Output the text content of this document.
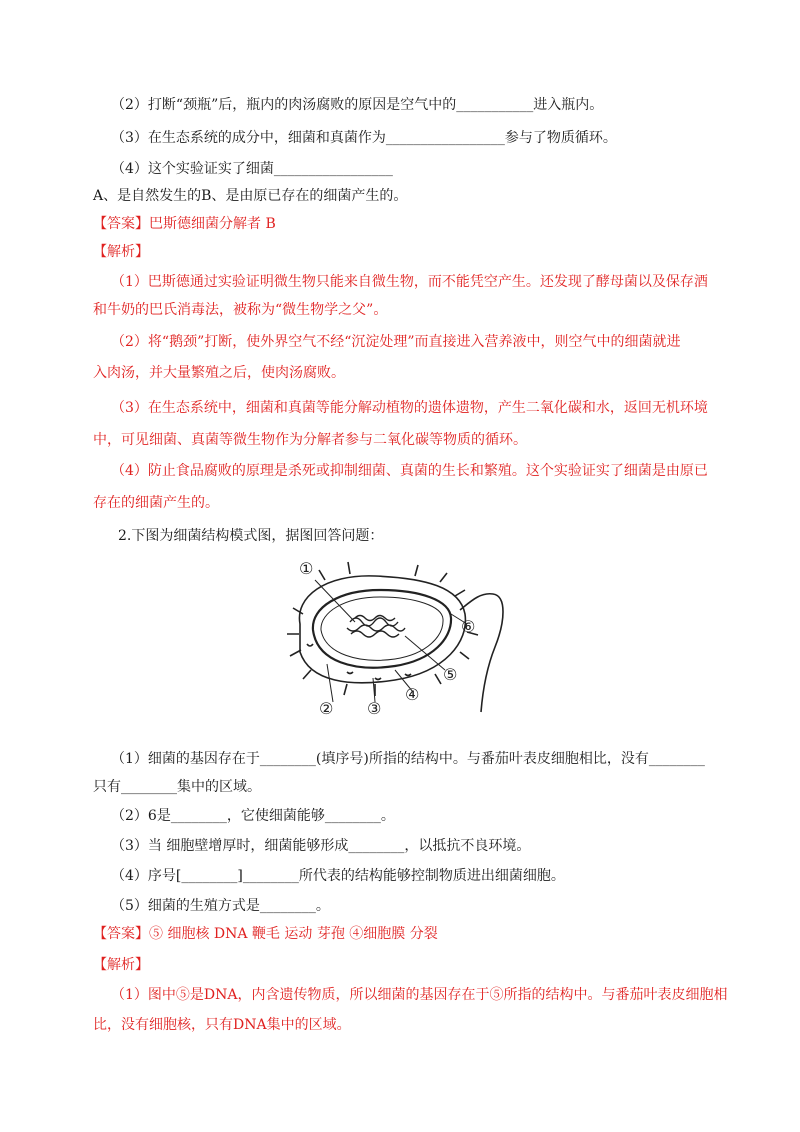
（2）打断“颈瓶”后，瓶内的肉汤腐败的原因是空气中的___________进入瓶内。
（3）在生态系统的成分中，细菌和真菌作为_________________参与了物质循环。
（4）这个实验证实了细菌_________________
A、是自然发生的B、是由原已存在的细菌产生的。
【答案】巴斯德细菌分解者 B
【解析】
（1）巴斯德通过实验证明微生物只能来自微生物，而不能凭空产生。还发现了酵母菌以及保存酒
和牛奶的巴氏消毒法，被称为“微生物学之父”。
（2）将“鹅颈”打断，使外界空气不经“沉淀处理”而直接进入营养液中，则空气中的细菌就进
入肉汤，并大量繁殖之后，使肉汤腐败。
（3）在生态系统中，细菌和真菌等能分解动植物的遗体遗物，产生二氧化碳和水，返回无机环境
中，可见细菌、真菌等微生物作为分解者参与二氧化碳等物质的循环。
（4）防止食品腐败的原理是杀死或抑制细菌、真菌的生长和繁殖。这个实验证实了细菌是由原已
存在的细菌产生的。
2.下图为细菌结构模式图，据图回答问题：
①
② ③
④
⑤
⑥
（1）细菌的基因存在于________(填序号)所指的结构中。与番茄叶表皮细胞相比，没有________
只有________集中的区域。
（2）6是________，它使细菌能够________。
（3）当 细胞壁增厚时，细菌能够形成________，以抵抗不良环境。
（4）序号[________]________所代表的结构能够控制物质进出细菌细胞。
（5）细菌的生殖方式是________。
【答案】⑤ 细胞核 DNA 鞭毛 运动 芽孢 ④细胞膜 分裂
【解析】
（1）图中⑤是DNA，内含遗传物质，所以细菌的基因存在于⑤所指的结构中。与番茄叶表皮细胞相
比，没有细胞核，只有DNA集中的区域。
